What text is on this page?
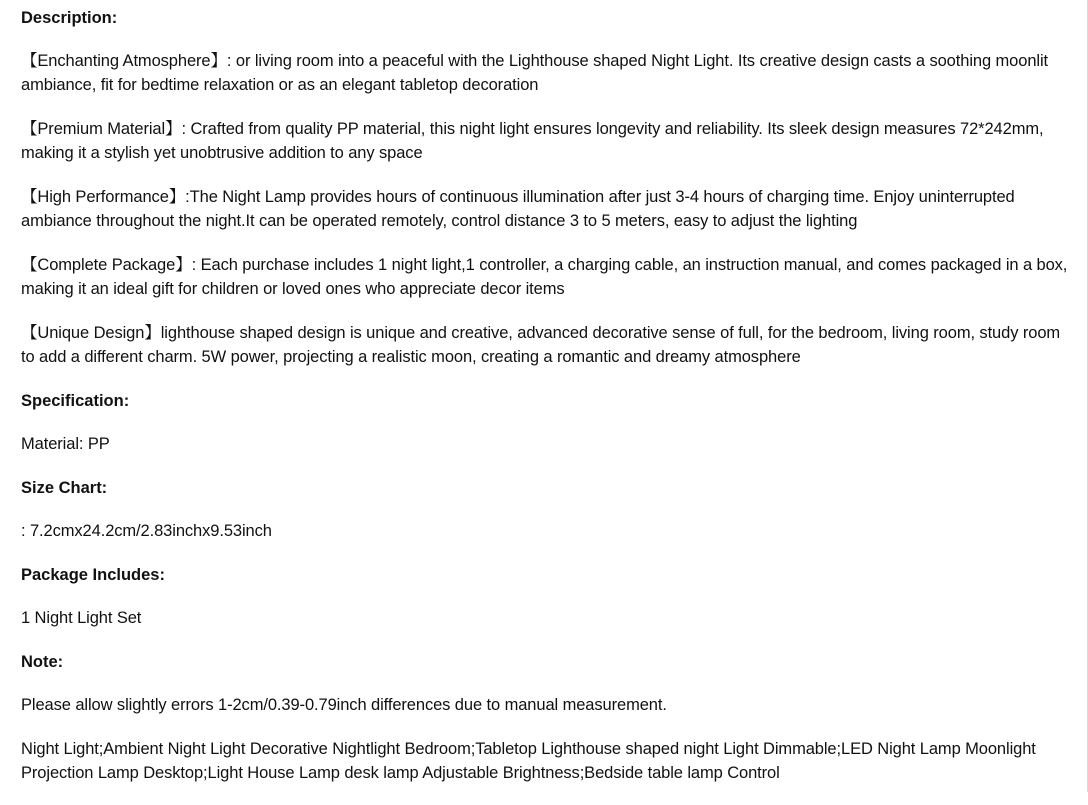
Description:
【Enchanting Atmosphere】: or living room into a peaceful with the Lighthouse shaped Night Light. Its creative design casts a soothing moonlit ambiance, fit for bedtime relaxation or as an elegant tabletop decoration
【Premium Material】: Crafted from quality PP material, this night light ensures longevity and reliability. Its sleek design measures 72*242mm, making it a stylish yet unobtrusive addition to any space
【High Performance】:The Night Lamp provides hours of continuous illumination after just 3-4 hours of charging time. Enjoy uninterrupted ambiance throughout the night.It can be operated remotely, control distance 3 to 5 meters, easy to adjust the lighting
【Complete Package】: Each purchase includes 1 night light,1 controller, a charging cable, an instruction manual, and comes packaged in a box, making it an ideal gift for children or loved ones who appreciate decor items
【Unique Design】lighthouse shaped design is unique and creative, advanced decorative sense of full, for the bedroom, living room, study room to add a different charm. 5W power, projecting a realistic moon, creating a romantic and dreamy atmosphere
Specification:
Material: PP
Size Chart:
: 7.2cmx24.2cm/2.83inchx9.53inch
Package Includes:
1 Night Light Set
Note:
Please allow slightly errors 1-2cm/0.39-0.79inch differences due to manual measurement.
Night Light;Ambient Night Light Decorative Nightlight Bedroom;Tabletop Lighthouse shaped night Light Dimmable;LED Night Lamp Moonlight Projection Lamp Desktop;Light House Lamp desk lamp Adjustable Brightness;Bedside table lamp Control
